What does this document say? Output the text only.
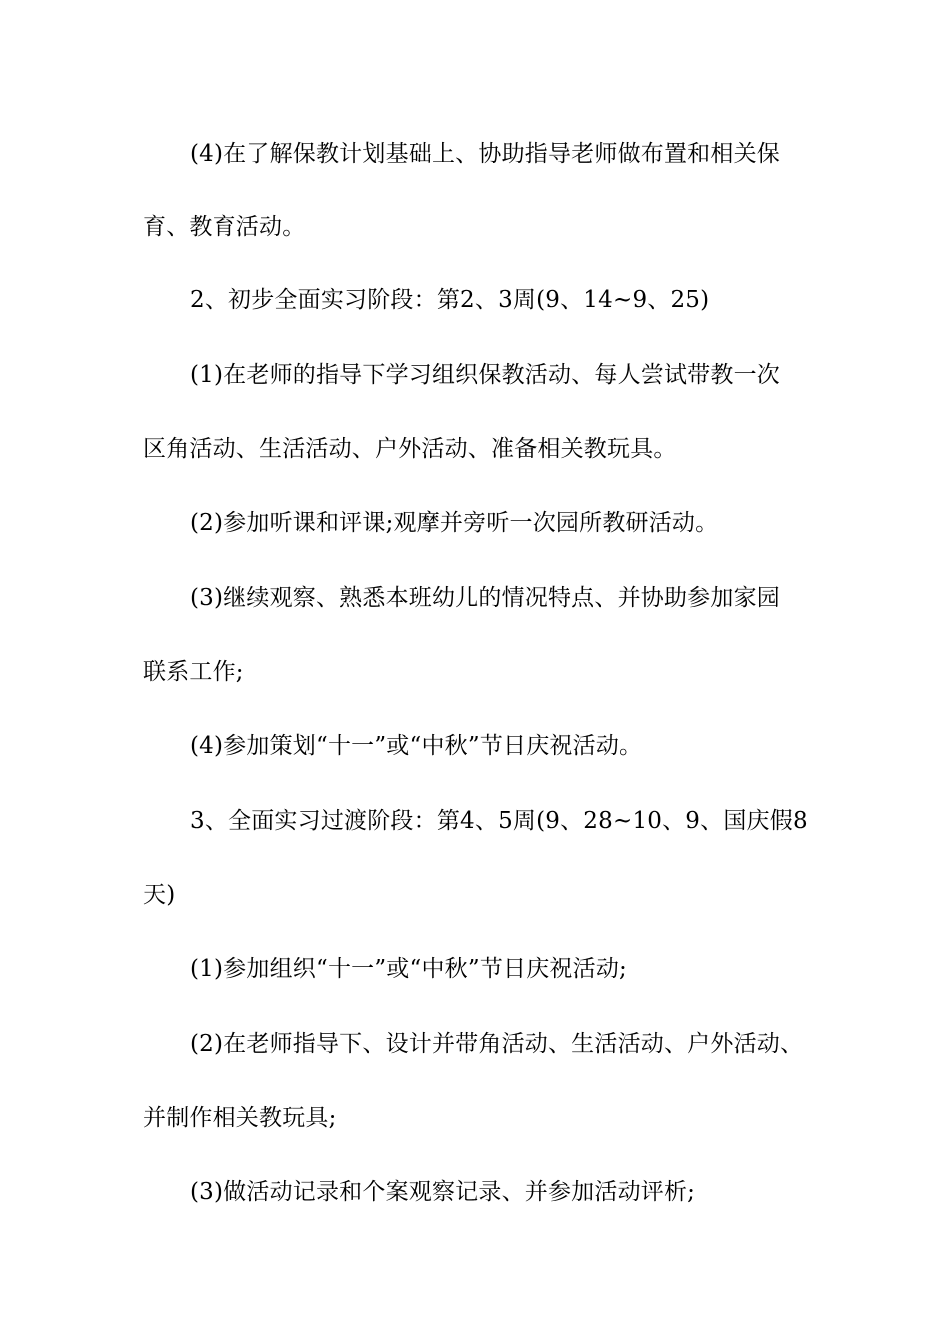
(4)在了解保教计划基础上、协助指导老师做布置和相关保
育、教育活动。
2、初步全面实习阶段：第2、3周(9、14~9、25)
(1)在老师的指导下学习组织保教活动、每人尝试带教一次
区角活动、生活活动、户外活动、准备相关教玩具。
(2)参加听课和评课;观摩并旁听一次园所教研活动。
(3)继续观察、熟悉本班幼儿的情况特点、并协助参加家园
联系工作;
(4)参加策划“十一”或“中秋”节日庆祝活动。
3、全面实习过渡阶段：第4、5周(9、28~10、9、国庆假8
天)
(1)参加组织“十一”或“中秋”节日庆祝活动;
(2)在老师指导下、设计并带角活动、生活活动、户外活动、
并制作相关教玩具;
(3)做活动记录和个案观察记录、并参加活动评析;
